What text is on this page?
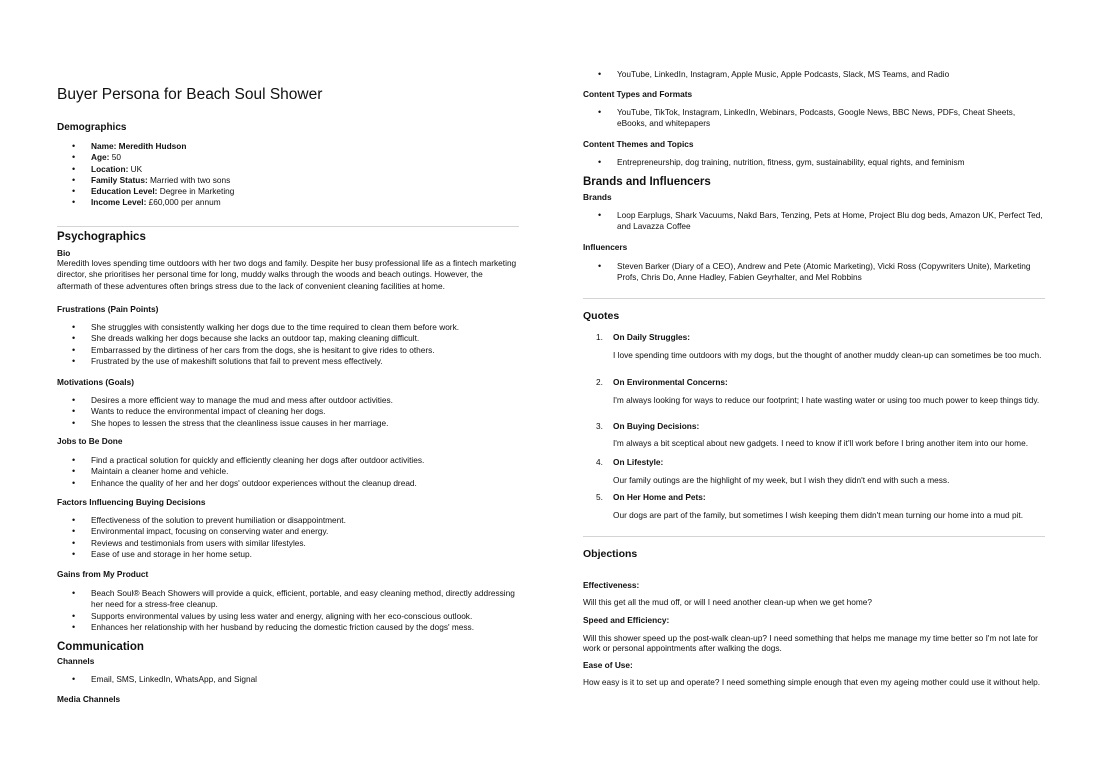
Buyer Persona for Beach Soul Shower
Demographics
• Name: Meredith Hudson
• Age: 50
• Location: UK
• Family Status: Married with two sons
• Education Level: Degree in Marketing
• Income Level: £60,000 per annum
Psychographics
Bio
Meredith loves spending time outdoors with her two dogs and family. Despite her busy professional life as a fintech marketing director, she prioritises her personal time for long, muddy walks through the woods and beach outings. However, the aftermath of these adventures often brings stress due to the lack of convenient cleaning facilities at home.
Frustrations (Pain Points)
• She struggles with consistently walking her dogs due to the time required to clean them before work.
• She dreads walking her dogs because she lacks an outdoor tap, making cleaning difficult.
• Embarrassed by the dirtiness of her cars from the dogs, she is hesitant to give rides to others.
• Frustrated by the use of makeshift solutions that fail to prevent mess effectively.
Motivations (Goals)
• Desires a more efficient way to manage the mud and mess after outdoor activities.
• Wants to reduce the environmental impact of cleaning her dogs.
• She hopes to lessen the stress that the cleanliness issue causes in her marriage.
Jobs to Be Done
• Find a practical solution for quickly and efficiently cleaning her dogs after outdoor activities.
• Maintain a cleaner home and vehicle.
• Enhance the quality of her and her dogs' outdoor experiences without the cleanup dread.
Factors Influencing Buying Decisions
• Effectiveness of the solution to prevent humiliation or disappointment.
• Environmental impact, focusing on conserving water and energy.
• Reviews and testimonials from users with similar lifestyles.
• Ease of use and storage in her home setup.
Gains from My Product
• Beach Soul® Beach Showers will provide a quick, efficient, portable, and easy cleaning method, directly addressing her need for a stress-free cleanup.
• Supports environmental values by using less water and energy, aligning with her eco-conscious outlook.
• Enhances her relationship with her husband by reducing the domestic friction caused by the dogs' mess.
Communication
Channels
• Email, SMS, LinkedIn, WhatsApp, and Signal
Media Channels
• YouTube, LinkedIn, Instagram, Apple Music, Apple Podcasts, Slack, MS Teams, and Radio
Content Types and Formats
• YouTube, TikTok, Instagram, LinkedIn, Webinars, Podcasts, Google News, BBC News, PDFs, Cheat Sheets, eBooks, and whitepapers
Content Themes and Topics
• Entrepreneurship, dog training, nutrition, fitness, gym, sustainability, equal rights, and feminism
Brands and Influencers
Brands
• Loop Earplugs, Shark Vacuums, Nakd Bars, Tenzing, Pets at Home, Project Blu dog beds, Amazon UK, Perfect Ted, and Lavazza Coffee
Influencers
• Steven Barker (Diary of a CEO), Andrew and Pete (Atomic Marketing), Vicki Ross (Copywriters Unite), Marketing Profs, Chris Do, Anne Hadley, Fabien Geyrhalter, and Mel Robbins
Quotes
1. On Daily Struggles:
I love spending time outdoors with my dogs, but the thought of another muddy clean-up can sometimes be too much.
2. On Environmental Concerns:
I'm always looking for ways to reduce our footprint; I hate wasting water or using too much power to keep things tidy.
3. On Buying Decisions:
I'm always a bit sceptical about new gadgets. I need to know if it'll work before I bring another item into our home.
4. On Lifestyle:
Our family outings are the highlight of my week, but I wish they didn't end with such a mess.
5. On Her Home and Pets:
Our dogs are part of the family, but sometimes I wish keeping them didn't mean turning our home into a mud pit.
Objections
Effectiveness:
Will this get all the mud off, or will I need another clean-up when we get home?
Speed and Efficiency:
Will this shower speed up the post-walk clean-up? I need something that helps me manage my time better so I'm not late for work or personal appointments after walking the dogs.
Ease of Use:
How easy is it to set up and operate? I need something simple enough that even my ageing mother could use it without help.
